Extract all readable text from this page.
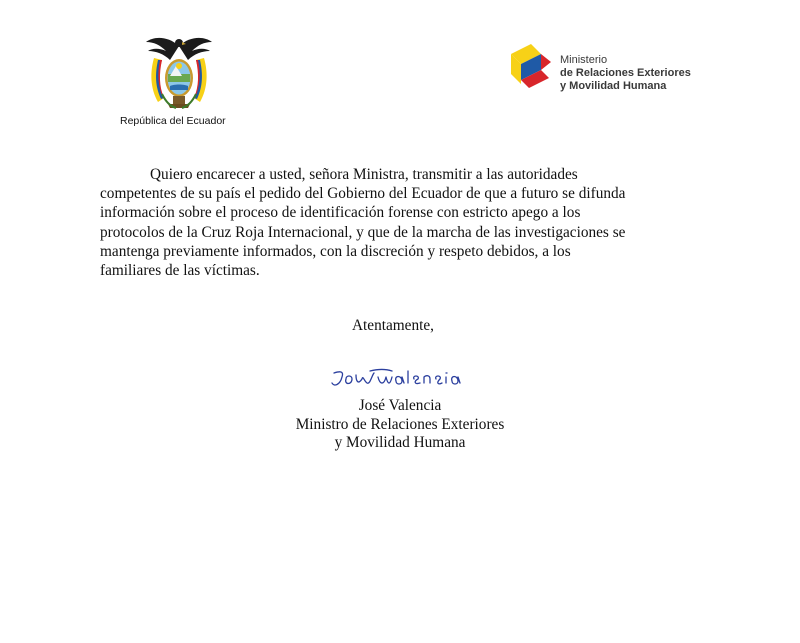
República del Ecuador
Ministerio
de Relaciones Exteriores
y Movilidad Humana
Quiero encarecer a usted, señora Ministra, transmitir a las autoridades
competentes de su país el pedido del Gobierno del Ecuador de que a futuro se difunda
información sobre el proceso de identificación forense con estricto apego a los
protocolos de la Cruz Roja Internacional, y que de la marcha de las investigaciones se
mantenga previamente informados, con la discreción y respeto debidos, a los
familiares de las víctimas.
Atentamente,
José Valencia
Ministro de Relaciones Exteriores
y Movilidad Humana
